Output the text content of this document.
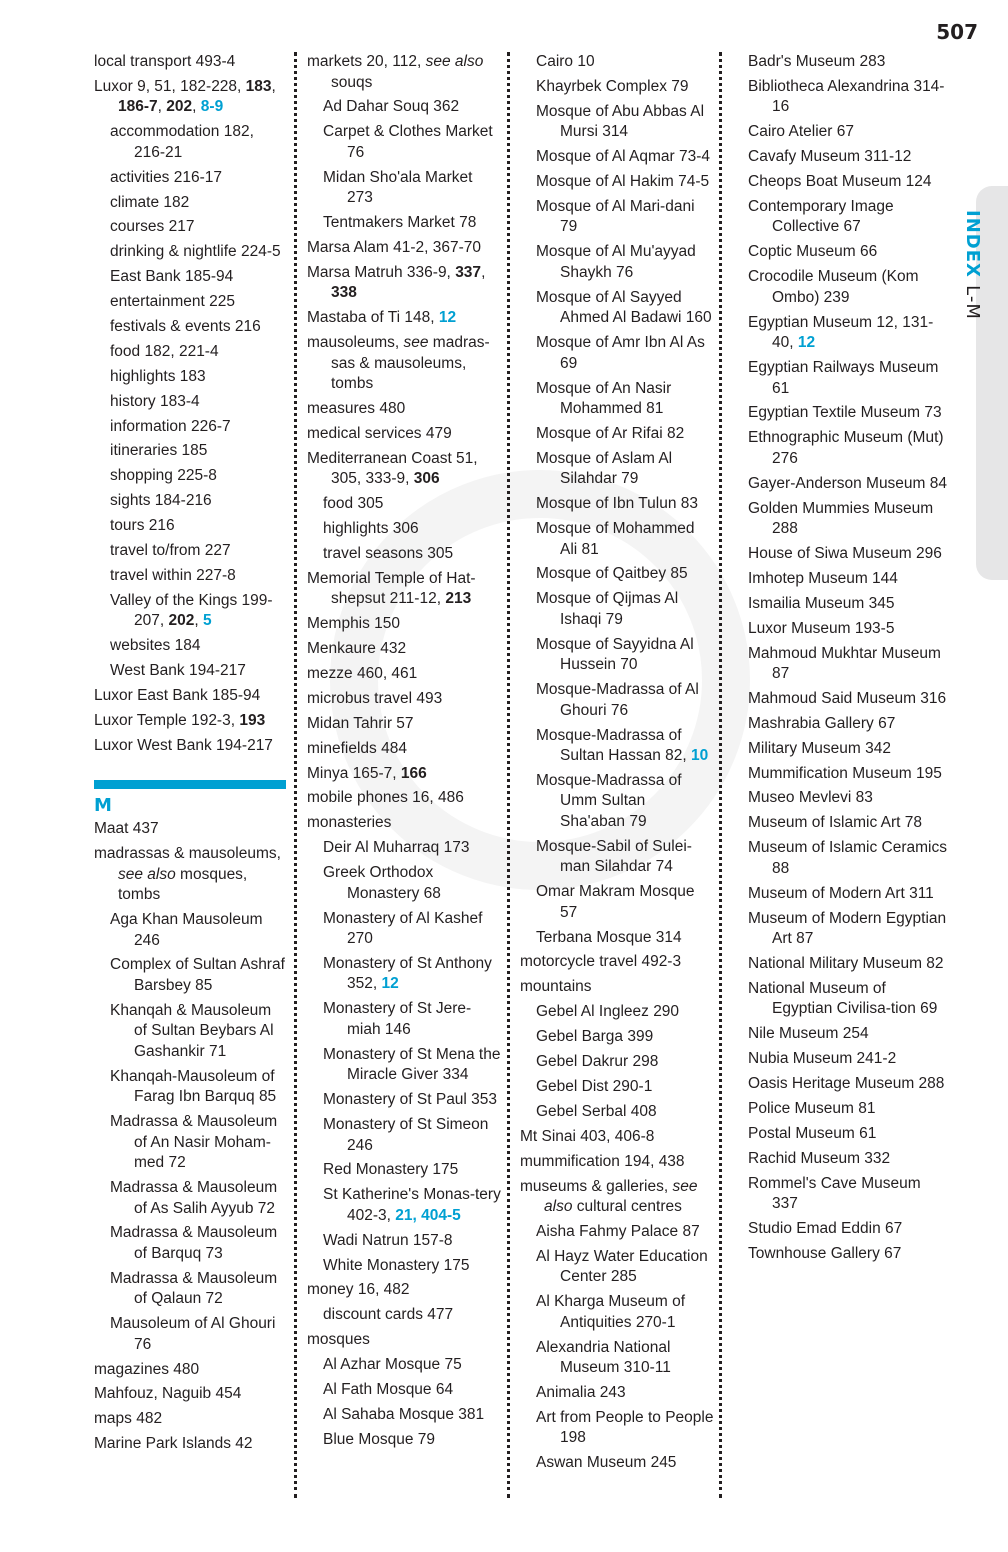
507
INDEX L-M
local transport 493-4
Luxor 9, 51, 182-228, 183, 186-7, 202, 8-9
accommodation 182, 216-21
activities 216-17
climate 182
courses 217
drinking & nightlife 224-5
East Bank 185-94
entertainment 225
festivals & events 216
food 182, 221-4
highlights 183
history 183-4
information 226-7
itineraries 185
shopping 225-8
sights 184-216
tours 216
travel to/from 227
travel within 227-8
Valley of the Kings 199-207, 202, 5
websites 184
West Bank 194-217
Luxor East Bank 185-94
Luxor Temple 192-3, 193
Luxor West Bank 194-217
M
Maat 437
madrassas & mausoleums, see also mosques, tombs
Aga Khan Mausoleum 246
Complex of Sultan Ashraf Barsbey 85
Khanqah & Mausoleum of Sultan Beybars Al Gashankir 71
Khanqah-Mausoleum of Farag Ibn Barquq 85
Madrassa & Mausoleum of An Nasir Moham-med 72
Madrassa & Mausoleum of As Salih Ayyub 72
Madrassa & Mausoleum of Barquq 73
Madrassa & Mausoleum of Qalaun 72
Mausoleum of Al Ghouri 76
magazines 480
Mahfouz, Naguib 454
maps 482
Marine Park Islands 42
markets 20, 112, see also souqs
Ad Dahar Souq 362
Carpet & Clothes Market 76
Midan Sho'ala Market 273
Tentmakers Market 78
Marsa Alam 41-2, 367-70
Marsa Matruh 336-9, 337, 338
Mastaba of Ti 148, 12
mausoleums, see madras-sas & mausoleums, tombs
measures 480
medical services 479
Mediterranean Coast 51, 305, 333-9, 306
food 305
highlights 306
travel seasons 305
Memorial Temple of Hat-shepsut 211-12, 213
Memphis 150
Menkaure 432
mezze 460, 461
microbus travel 493
Midan Tahrir 57
minefields 484
Minya 165-7, 166
mobile phones 16, 486
monasteries
Deir Al Muharraq 173
Greek Orthodox Monastery 68
Monastery of Al Kashef 270
Monastery of St Anthony 352, 12
Monastery of St Jere-miah 146
Monastery of St Mena the Miracle Giver 334
Monastery of St Paul 353
Monastery of St Simeon 246
Red Monastery 175
St Katherine's Monas-tery 402-3, 21, 404-5
Wadi Natrun 157-8
White Monastery 175
money 16, 482
discount cards 477
mosques
Al Azhar Mosque 75
Al Fath Mosque 64
Al Sahaba Mosque 381
Blue Mosque 79
Cairo 10
Khayrbek Complex 79
Mosque of Abu Abbas Al Mursi 314
Mosque of Al Aqmar 73-4
Mosque of Al Hakim 74-5
Mosque of Al Mari-dani 79
Mosque of Al Mu'ayyad Shaykh 76
Mosque of Al Sayyed Ahmed Al Badawi 160
Mosque of Amr Ibn Al As 69
Mosque of An Nasir Mohammed 81
Mosque of Ar Rifai 82
Mosque of Aslam Al Silahdar 79
Mosque of Ibn Tulun 83
Mosque of Mohammed Ali 81
Mosque of Qaitbey 85
Mosque of Qijmas Al Ishaqi 79
Mosque of Sayyidna Al Hussein 70
Mosque-Madrassa of Al Ghouri 76
Mosque-Madrassa of Sultan Hassan 82, 10
Mosque-Madrassa of Umm Sultan Sha'aban 79
Mosque-Sabil of Sulei-man Silahdar 74
Omar Makram Mosque 57
Terbana Mosque 314
motorcycle travel 492-3
mountains
Gebel Al Ingleez 290
Gebel Barga 399
Gebel Dakrur 298
Gebel Dist 290-1
Gebel Serbal 408
Mt Sinai 403, 406-8
mummification 194, 438
museums & galleries, see also cultural centres
Aisha Fahmy Palace 87
Al Hayz Water Education Center 285
Al Kharga Museum of Antiquities 270-1
Alexandria National Museum 310-11
Animalia 243
Art from People to People 198
Aswan Museum 245
Badr's Museum 283
Bibliotheca Alexandrina 314-16
Cairo Atelier 67
Cavafy Museum 311-12
Cheops Boat Museum 124
Contemporary Image Collective 67
Coptic Museum 66
Crocodile Museum (Kom Ombo) 239
Egyptian Museum 12, 131-40, 12
Egyptian Railways Museum 61
Egyptian Textile Museum 73
Ethnographic Museum (Mut) 276
Gayer-Anderson Museum 84
Golden Mummies Museum 288
House of Siwa Museum 296
Imhotep Museum 144
Ismailia Museum 345
Luxor Museum 193-5
Mahmoud Mukhtar Museum 87
Mahmoud Said Museum 316
Mashrabia Gallery 67
Military Museum 342
Mummification Museum 195
Museo Mevlevi 83
Museum of Islamic Art 78
Museum of Islamic Ceramics 88
Museum of Modern Art 311
Museum of Modern Egyptian Art 87
National Military Museum 82
National Museum of Egyptian Civilisa-tion 69
Nile Museum 254
Nubia Museum 241-2
Oasis Heritage Museum 288
Police Museum 81
Postal Museum 61
Rachid Museum 332
Rommel's Cave Museum 337
Studio Emad Eddin 67
Townhouse Gallery 67
